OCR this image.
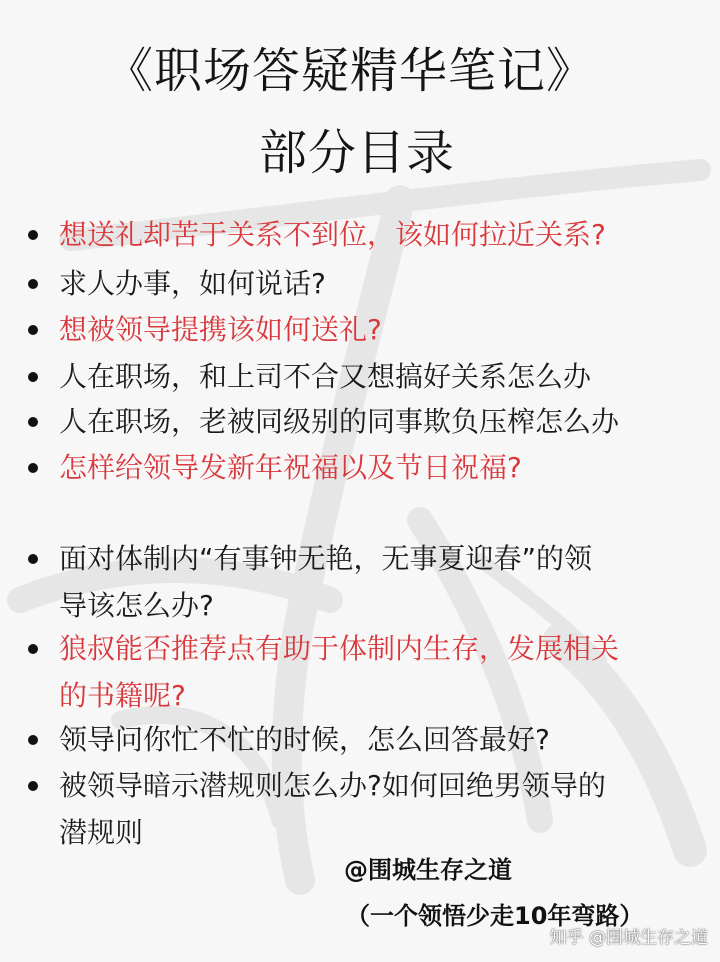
《职场答疑精华笔记》
部分目录
想送礼却苦于关系不到位，该如何拉近关系?
求人办事，如何说话?
想被领导提携该如何送礼?
人在职场，和上司不合又想搞好关系怎么办
人在职场，老被同级别的同事欺负压榨怎么办
怎样给领导发新年祝福以及节日祝福?
面对体制内“有事钟无艳，无事夏迎春”的领
导该怎么办?
狼叔能否推荐点有助于体制内生存，发展相关
的书籍呢?
领导问你忙不忙的时候，怎么回答最好?
被领导暗示潜规则怎么办?如何回绝男领导的
潜规则
@围城生存之道
（一个领悟少走10年弯路）
知乎 @围城生存之道
